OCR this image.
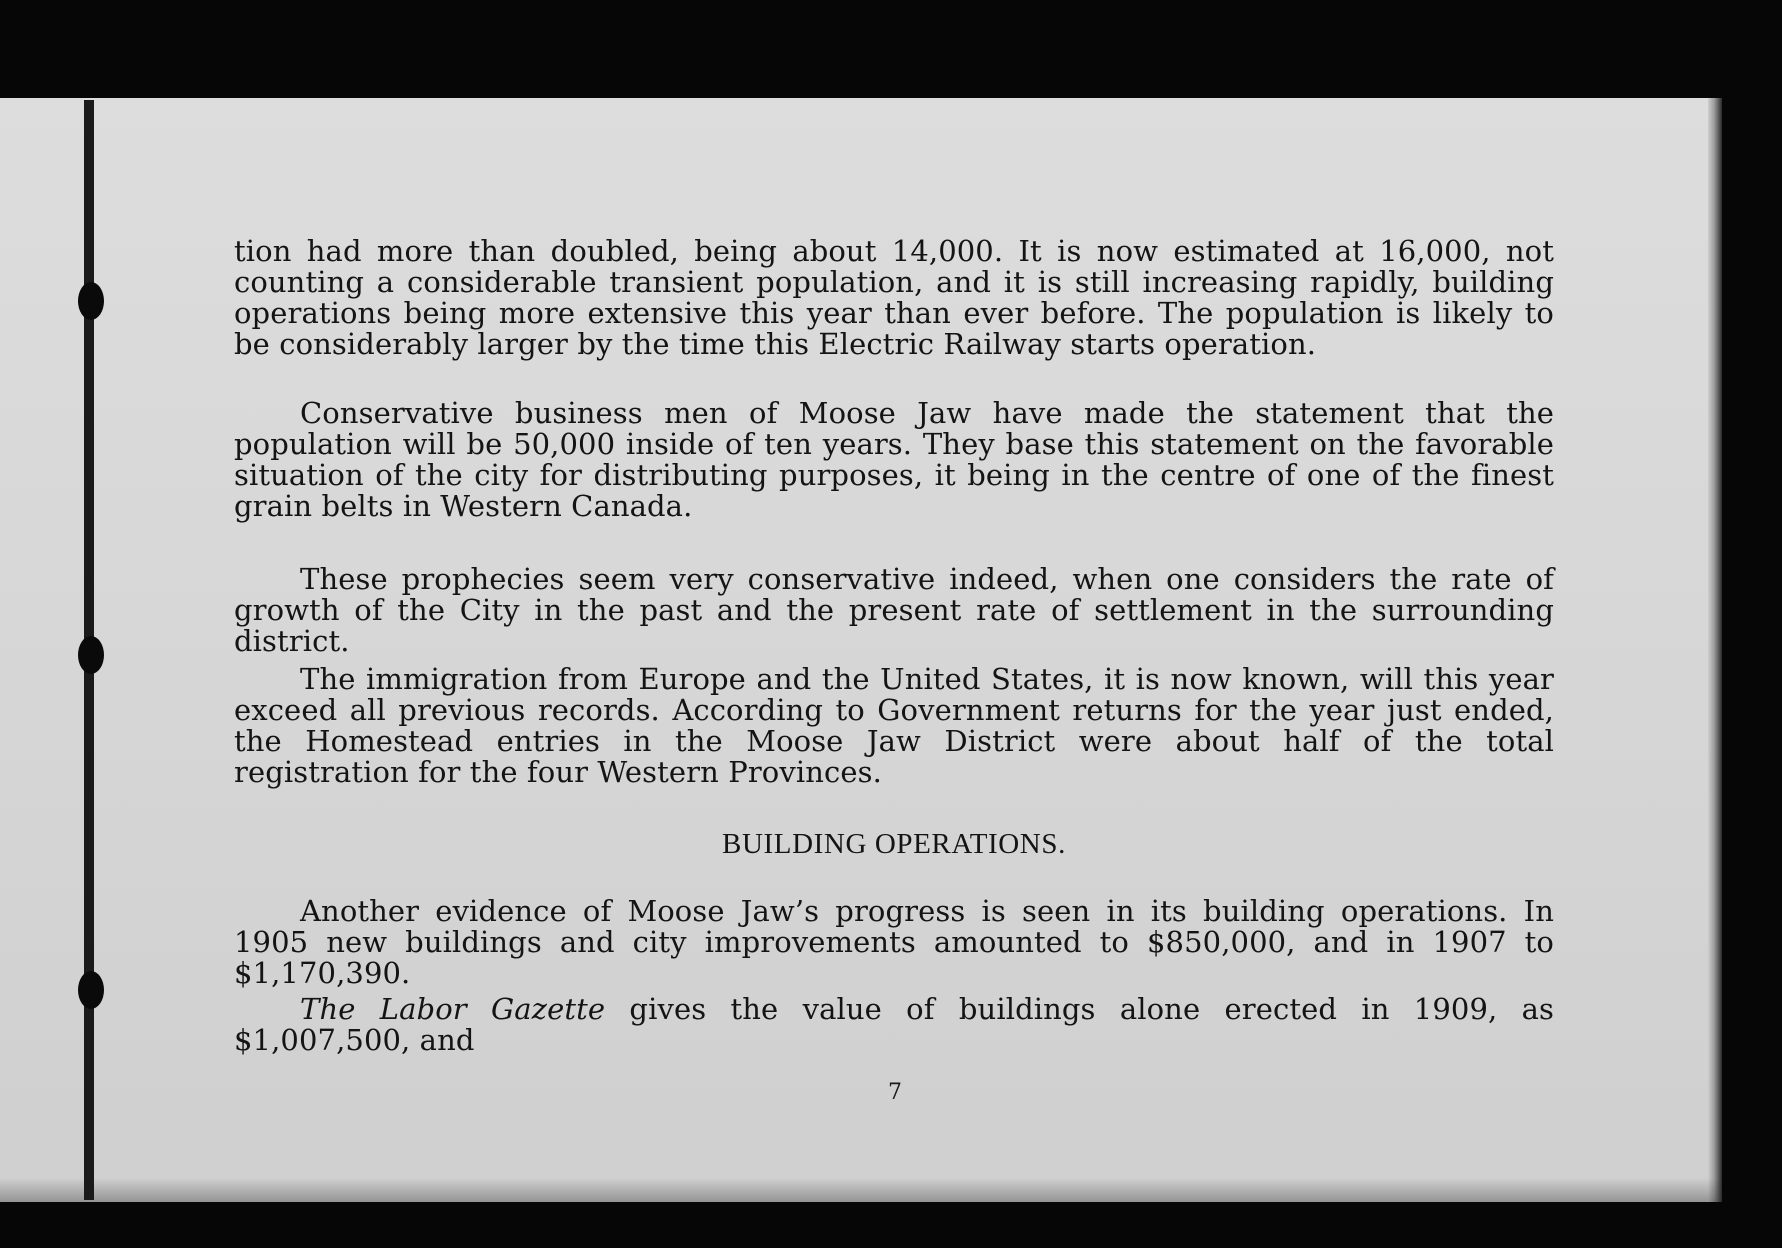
tion had more than doubled, being about 14,000. It is now estimated at 16,000, not counting a considerable transient population, and it is still increasing rapidly, building operations being more extensive this year than ever before. The population is likely to be considerably larger by the time this Electric Railway starts operation.

Conservative business men of Moose Jaw have made the statement that the population will be 50,000 inside of ten years. They base this statement on the favorable situation of the city for distributing purposes, it being in the centre of one of the finest grain belts in Western Canada.

These prophecies seem very conservative indeed, when one considers the rate of growth of the City in the past and the present rate of settlement in the surrounding district.

The immigration from Europe and the United States, it is now known, will this year exceed all previous records. According to Government returns for the year just ended, the Homestead entries in the Moose Jaw District were about half of the total registration for the four Western Provinces.

BUILDING OPERATIONS.

Another evidence of Moose Jaw’s progress is seen in its building operations. In 1905 new buildings and city improvements amounted to $850,000, and in 1907 to $1,170,390.

The Labor Gazette gives the value of buildings alone erected in 1909, as $1,007,500, and

7
